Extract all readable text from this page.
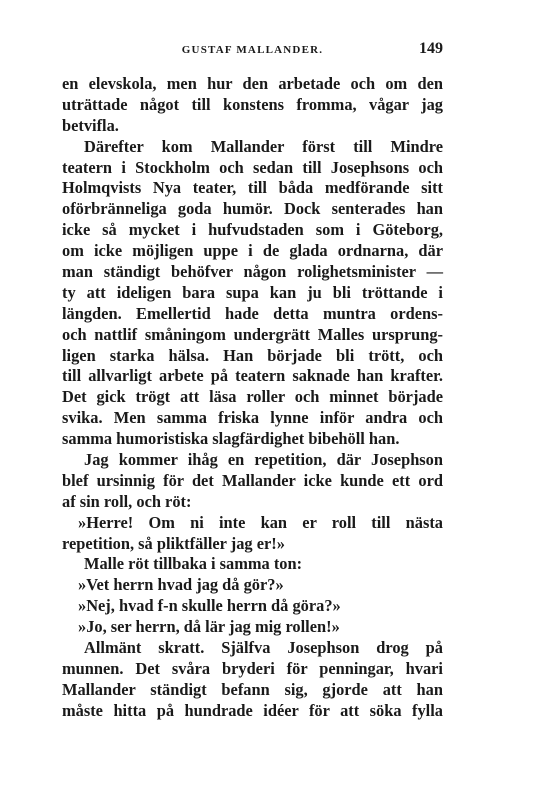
GUSTAF MALLANDER.	149
en elevskola, men hur den arbetade och om den
uträttade något till konstens fromma, vågar jag
betvifla.
Därefter kom Mallander först till Mindre
teatern i Stockholm och sedan till Josephsons och
Holmqvists Nya teater, till båda medförande sitt
oförbränneliga goda humör. Dock senterades han
icke så mycket i hufvudstaden som i Göteborg,
om icke möjligen uppe i de glada ordnarna, där
man ständigt behöfver någon rolighetsminister —
ty att ideligen bara supa kan ju bli tröttande i
längden. Emellertid hade detta muntra ordens-
och nattlif småningom undergrätt Malles ursprung-
ligen starka hälsa. Han började bli trött, och
till allvarligt arbete på teatern saknade han krafter.
Det gick trögt att läsa roller och minnet började
svika. Men samma friska lynne inför andra och
samma humoristiska slagfärdighet bibehöll han.
Jag kommer ihåg en repetition, där Josephson
blef ursinnig för det Mallander icke kunde ett ord
af sin roll, och röt:
»Herre! Om ni inte kan er roll till nästa
repetition, så pliktfäller jag er!»
Malle röt tillbaka i samma ton:
»Vet herrn hvad jag då gör?»
»Nej, hvad f-n skulle herrn då göra?»
»Jo, ser herrn, då lär jag mig rollen!»
Allmänt skratt. Själfva Josephson drog på
munnen. Det svåra bryderi för penningar, hvari
Mallander ständigt befann sig, gjorde att han
måste hitta på hundrade idéer för att söka fylla
